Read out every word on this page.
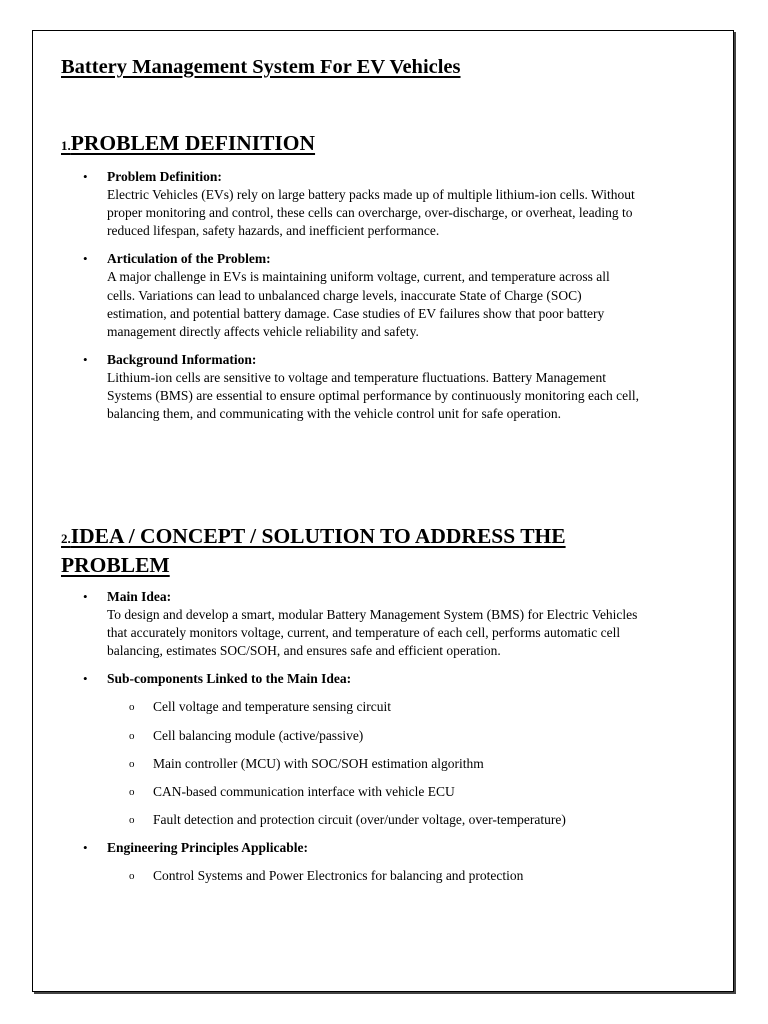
Battery Management System For EV Vehicles
1.PROBLEM DEFINITION
• Problem Definition:
Electric Vehicles (EVs) rely on large battery packs made up of multiple lithium-ion cells. Without proper monitoring and control, these cells can overcharge, over-discharge, or overheat, leading to reduced lifespan, safety hazards, and inefficient performance.
• Articulation of the Problem:
A major challenge in EVs is maintaining uniform voltage, current, and temperature across all cells. Variations can lead to unbalanced charge levels, inaccurate State of Charge (SOC) estimation, and potential battery damage. Case studies of EV failures show that poor battery management directly affects vehicle reliability and safety.
• Background Information:
Lithium-ion cells are sensitive to voltage and temperature fluctuations. Battery Management Systems (BMS) are essential to ensure optimal performance by continuously monitoring each cell, balancing them, and communicating with the vehicle control unit for safe operation.
2.IDEA / CONCEPT / SOLUTION TO ADDRESS THE PROBLEM
• Main Idea:
To design and develop a smart, modular Battery Management System (BMS) for Electric Vehicles that accurately monitors voltage, current, and temperature of each cell, performs automatic cell balancing, estimates SOC/SOH, and ensures safe and efficient operation.
• Sub-components Linked to the Main Idea:
o Cell voltage and temperature sensing circuit
o Cell balancing module (active/passive)
o Main controller (MCU) with SOC/SOH estimation algorithm
o CAN-based communication interface with vehicle ECU
o Fault detection and protection circuit (over/under voltage, over-temperature)
• Engineering Principles Applicable:
o Control Systems and Power Electronics for balancing and protection
